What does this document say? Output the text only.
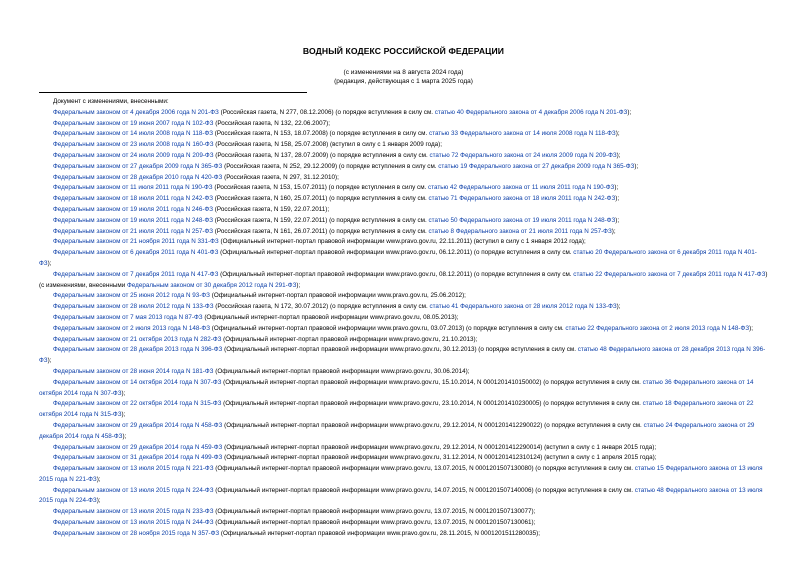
ВОДНЫЙ КОДЕКС РОССИЙСКОЙ ФЕДЕРАЦИИ
(с изменениями на 8 августа 2024 года)
(редакция, действующая с 1 марта 2025 года)

Документ с изменениями, внесенными:

Федеральным законом от 4 декабря 2006 года N 201-ФЗ (Российская газета, N 277, 08.12.2006) (о порядке вступления в силу см. статью 40 Федерального закона от 4 декабря 2006 года N 201-ФЗ);

Федеральным законом от 19 июня 2007 года N 102-ФЗ (Российская газета, N 132, 22.06.2007);

Федеральным законом от 14 июля 2008 года N 118-ФЗ (Российская газета, N 153, 18.07.2008) (о порядке вступления в силу см. статью 33 Федерального закона от 14 июля 2008 года N 118-ФЗ);

Федеральным законом от 23 июля 2008 года N 160-ФЗ (Российская газета, N 158, 25.07.2008) (вступил в силу с 1 января 2009 года);

Федеральным законом от 24 июля 2009 года N 209-ФЗ (Российская газета, N 137, 28.07.2009) (о порядке вступления в силу см. статью 72 Федерального закона от 24 июля 2009 года N 209-ФЗ);

Федеральным законом от 27 декабря 2009 года N 365-ФЗ (Российская газета, N 252, 29.12.2009) (о порядке вступления в силу см. статью 19 Федерального закона от 27 декабря 2009 года N 365-ФЗ);

Федеральным законом от 28 декабря 2010 года N 420-ФЗ (Российская газета, N 297, 31.12.2010);

Федеральным законом от 11 июля 2011 года N 190-ФЗ (Российская газета, N 153, 15.07.2011) (о порядке вступления в силу см. статью 42 Федерального закона от 11 июля 2011 года N 190-ФЗ);

Федеральным законом от 18 июля 2011 года N 242-ФЗ (Российская газета, N 160, 25.07.2011) (о порядке вступления в силу см. статью 71 Федерального закона от 18 июля 2011 года N 242-ФЗ);

Федеральным законом от 19 июля 2011 года N 246-ФЗ (Российская газета, N 159, 22.07.2011);

Федеральным законом от 19 июля 2011 года N 248-ФЗ (Российская газета, N 159, 22.07.2011) (о порядке вступления в силу см. статью 50 Федерального закона от 19 июля 2011 года N 248-ФЗ);

Федеральным законом от 21 июля 2011 года N 257-ФЗ (Российская газета, N 161, 26.07.2011) (о порядке вступления в силу см. статью 8 Федерального закона от 21 июля 2011 года N 257-ФЗ);

Федеральным законом от 21 ноября 2011 года N 331-ФЗ (Официальный интернет-портал правовой информации www.pravo.gov.ru, 22.11.2011) (вступил в силу с 1 января 2012 года);

Федеральным законом от 6 декабря 2011 года N 401-ФЗ (Официальный интернет-портал правовой информации www.pravo.gov.ru, 06.12.2011) (о порядке вступления в силу см. статью 20 Федерального закона от 6 декабря 2011 года N 401-ФЗ);

Федеральным законом от 7 декабря 2011 года N 417-ФЗ (Официальный интернет-портал правовой информации www.pravo.gov.ru, 08.12.2011) (о порядке вступления в силу см. статью 22 Федерального закона от 7 декабря 2011 года N 417-ФЗ) (с изменениями, внесенными Федеральным законом от 30 декабря 2012 года N 291-ФЗ);

Федеральным законом от 25 июня 2012 года N 93-ФЗ (Официальный интернет-портал правовой информации www.pravo.gov.ru, 25.06.2012);

Федеральным законом от 28 июля 2012 года N 133-ФЗ (Российская газета, N 172, 30.07.2012) (о порядке вступления в силу см. статью 41 Федерального закона от 28 июля 2012 года N 133-ФЗ);

Федеральным законом от 7 мая 2013 года N 87-ФЗ (Официальный интернет-портал правовой информации www.pravo.gov.ru, 08.05.2013);

Федеральным законом от 2 июля 2013 года N 148-ФЗ (Официальный интернет-портал правовой информации www.pravo.gov.ru, 03.07.2013) (о порядке вступления в силу см. статью 22 Федерального закона от 2 июля 2013 года N 148-ФЗ);

Федеральным законом от 21 октября 2013 года N 282-ФЗ (Официальный интернет-портал правовой информации www.pravo.gov.ru, 21.10.2013);

Федеральным законом от 28 декабря 2013 года N 396-ФЗ (Официальный интернет-портал правовой информации www.pravo.gov.ru, 30.12.2013) (о порядке вступления в силу см. статью 48 Федерального закона от 28 декабря 2013 года N 396-ФЗ);

Федеральным законом от 28 июня 2014 года N 181-ФЗ (Официальный интернет-портал правовой информации www.pravo.gov.ru, 30.06.2014);

Федеральным законом от 14 октября 2014 года N 307-ФЗ (Официальный интернет-портал правовой информации www.pravo.gov.ru, 15.10.2014, N 0001201410150002) (о порядке вступления в силу см. статью 36 Федерального закона от 14 октября 2014 года N 307-ФЗ);

Федеральным законом от 22 октября 2014 года N 315-ФЗ (Официальный интернет-портал правовой информации www.pravo.gov.ru, 23.10.2014, N 0001201410230005) (о порядке вступления в силу см. статью 18 Федерального закона от 22 октября 2014 года N 315-ФЗ);

Федеральным законом от 29 декабря 2014 года N 458-ФЗ (Официальный интернет-портал правовой информации www.pravo.gov.ru, 29.12.2014, N 0001201412290022) (о порядке вступления в силу см. статью 24 Федерального закона от 29 декабря 2014 года N 458-ФЗ);

Федеральным законом от 29 декабря 2014 года N 459-ФЗ (Официальный интернет-портал правовой информации www.pravo.gov.ru, 29.12.2014, N 0001201412290014) (вступил в силу с 1 января 2015 года);

Федеральным законом от 31 декабря 2014 года N 499-ФЗ (Официальный интернет-портал правовой информации www.pravo.gov.ru, 31.12.2014, N 0001201412310124) (вступил в силу с 1 апреля 2015 года);

Федеральным законом от 13 июля 2015 года N 221-ФЗ (Официальный интернет-портал правовой информации www.pravo.gov.ru, 13.07.2015, N 0001201507130080) (о порядке вступления в силу см. статью 15 Федерального закона от 13 июля 2015 года N 221-ФЗ);

Федеральным законом от 13 июля 2015 года N 224-ФЗ (Официальный интернет-портал правовой информации www.pravo.gov.ru, 14.07.2015, N 0001201507140006) (о порядке вступления в силу см. статью 48 Федерального закона от 13 июля 2015 года N 224-ФЗ);

Федеральным законом от 13 июля 2015 года N 233-ФЗ (Официальный интернет-портал правовой информации www.pravo.gov.ru, 13.07.2015, N 0001201507130077);

Федеральным законом от 13 июля 2015 года N 244-ФЗ (Официальный интернет-портал правовой информации www.pravo.gov.ru, 13.07.2015, N 0001201507130061);

Федеральным законом от 28 ноября 2015 года N 357-ФЗ (Официальный интернет-портал правовой информации www.pravo.gov.ru, 28.11.2015, N 0001201511280035);
